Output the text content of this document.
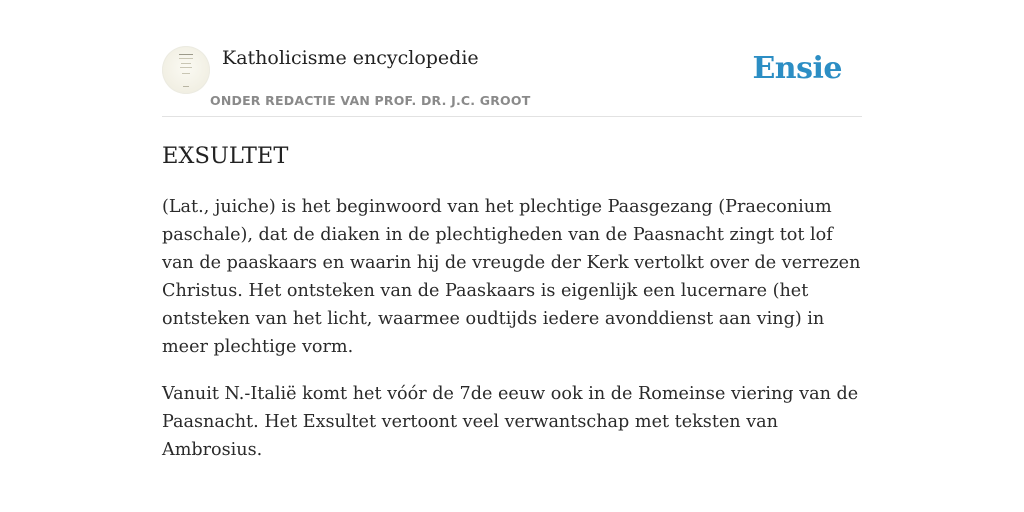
Katholicisme encyclopedie
ONDER REDACTIE VAN PROF. DR. J.C. GROOT
Ensie
EXSULTET

(Lat., juiche) is het beginwoord van het plechtige Paasgezang (Praeconium paschale), dat de diaken in de plechtigheden van de Paasnacht zingt tot lof van de paaskaars en waarin hij de vreugde der Kerk vertolkt over de verrezen Christus. Het ontsteken van de Paaskaars is eigenlijk een lucernare (het ontsteken van het licht, waarmee oudtijds iedere avonddienst aan ving) in meer plechtige vorm.

Vanuit N.-Italië komt het vóór de 7de eeuw ook in de Romeinse viering van de Paasnacht. Het Exsultet vertoont veel verwantschap met teksten van Ambrosius.
